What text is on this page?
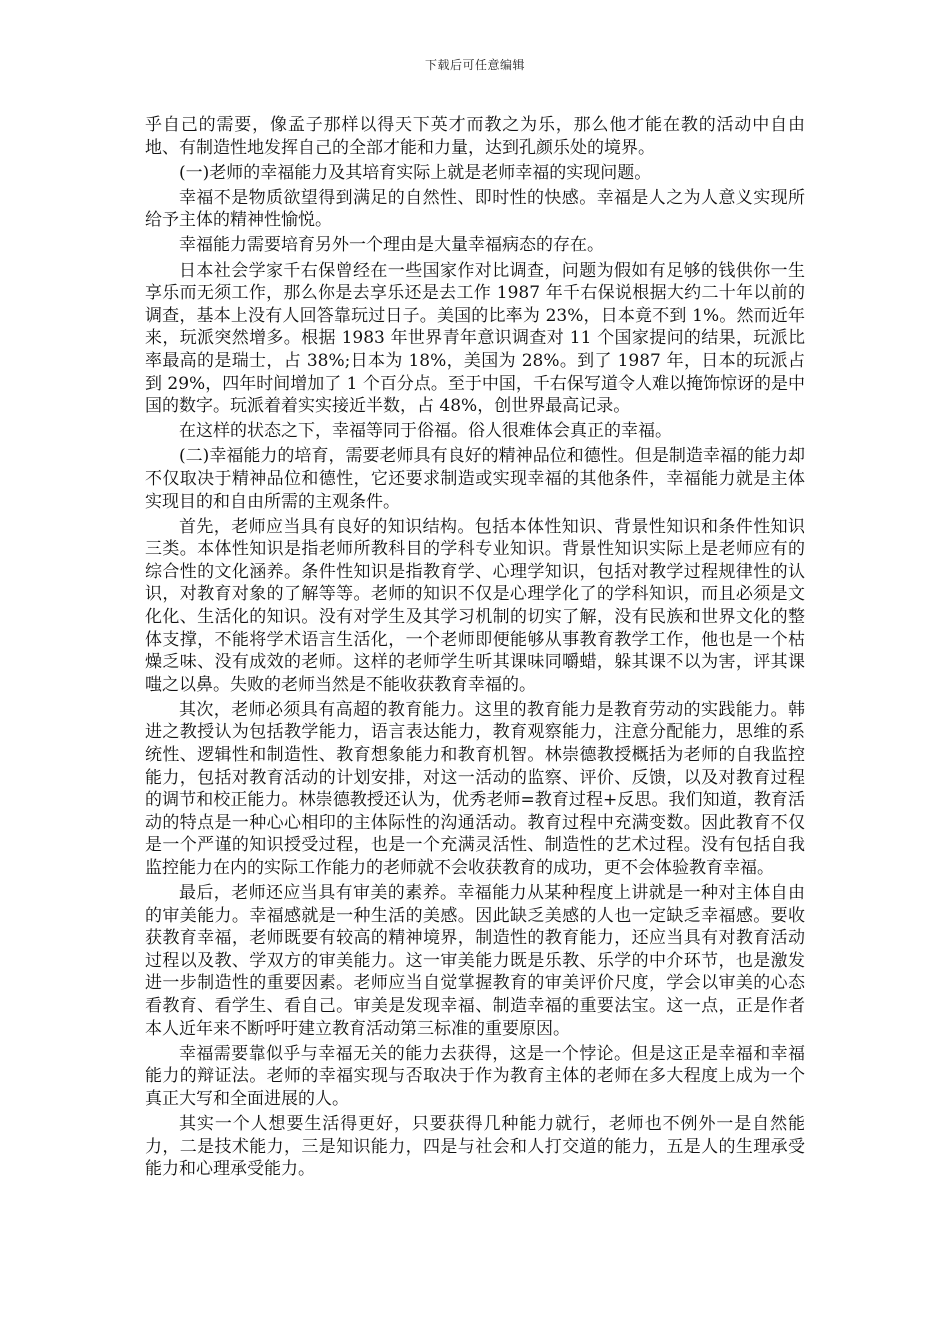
下载后可任意编辑

乎自己的需要，像孟子那样以得天下英才而教之为乐，那么他才能在教的活动中自由地、有制造性地发挥自己的全部才能和力量，达到孔颜乐处的境界。

(一)老师的幸福能力及其培育实际上就是老师幸福的实现问题。

幸福不是物质欲望得到满足的自然性、即时性的快感。幸福是人之为人意义实现所给予主体的精神性愉悦。

幸福能力需要培育另外一个理由是大量幸福病态的存在。

日本社会学家千右保曾经在一些国家作对比调查，问题为假如有足够的钱供你一生享乐而无须工作，那么你是去享乐还是去工作 1987 年千右保说根据大约二十年以前的调查，基本上没有人回答靠玩过日子。美国的比率为 23%，日本竟不到 1%。然而近年来，玩派突然增多。根据 1983 年世界青年意识调查对 11 个国家提问的结果，玩派比率最高的是瑞士，占 38%;日本为 18%，美国为 28%。到了 1987 年，日本的玩派占到 29%，四年时间增加了 1 个百分点。至于中国，千右保写道令人难以掩饰惊讶的是中国的数字。玩派着着实实接近半数，占 48%，创世界最高记录。

在这样的状态之下，幸福等同于俗福。俗人很难体会真正的幸福。

(二)幸福能力的培育，需要老师具有良好的精神品位和德性。但是制造幸福的能力却不仅取决于精神品位和德性，它还要求制造或实现幸福的其他条件，幸福能力就是主体实现目的和自由所需的主观条件。

首先，老师应当具有良好的知识结构。包括本体性知识、背景性知识和条件性知识三类。本体性知识是指老师所教科目的学科专业知识。背景性知识实际上是老师应有的综合性的文化涵养。条件性知识是指教育学、心理学知识，包括对教学过程规律性的认识，对教育对象的了解等等。老师的知识不仅是心理学化了的学科知识，而且必须是文化化、生活化的知识。没有对学生及其学习机制的切实了解，没有民族和世界文化的整体支撑，不能将学术语言生活化，一个老师即便能够从事教育教学工作，他也是一个枯燥乏味、没有成效的老师。这样的老师学生听其课味同嚼蜡，躲其课不以为害，评其课嗤之以鼻。失败的老师当然是不能收获教育幸福的。

其次，老师必须具有高超的教育能力。这里的教育能力是教育劳动的实践能力。韩进之教授认为包括教学能力，语言表达能力，教育观察能力，注意分配能力，思维的系统性、逻辑性和制造性、教育想象能力和教育机智。林崇德教授概括为老师的自我监控能力，包括对教育活动的计划安排，对这一活动的监察、评价、反馈，以及对教育过程的调节和校正能力。林崇德教授还认为，优秀老师=教育过程+反思。我们知道，教育活动的特点是一种心心相印的主体际性的沟通活动。教育过程中充满变数。因此教育不仅是一个严谨的知识授受过程，也是一个充满灵活性、制造性的艺术过程。没有包括自我监控能力在内的实际工作能力的老师就不会收获教育的成功，更不会体验教育幸福。

最后，老师还应当具有审美的素养。幸福能力从某种程度上讲就是一种对主体自由的审美能力。幸福感就是一种生活的美感。因此缺乏美感的人也一定缺乏幸福感。要收获教育幸福，老师既要有较高的精神境界，制造性的教育能力，还应当具有对教育活动过程以及教、学双方的审美能力。这一审美能力既是乐教、乐学的中介环节，也是激发进一步制造性的重要因素。老师应当自觉掌握教育的审美评价尺度，学会以审美的心态看教育、看学生、看自己。审美是发现幸福、制造幸福的重要法宝。这一点，正是作者本人近年来不断呼吁建立教育活动第三标准的重要原因。

幸福需要靠似乎与幸福无关的能力去获得，这是一个悖论。但是这正是幸福和幸福能力的辩证法。老师的幸福实现与否取决于作为教育主体的老师在多大程度上成为一个真正大写和全面进展的人。

其实一个人想要生活得更好，只要获得几种能力就行，老师也不例外一是自然能力，二是技术能力，三是知识能力，四是与社会和人打交道的能力，五是人的生理承受能力和心理承受能力。
